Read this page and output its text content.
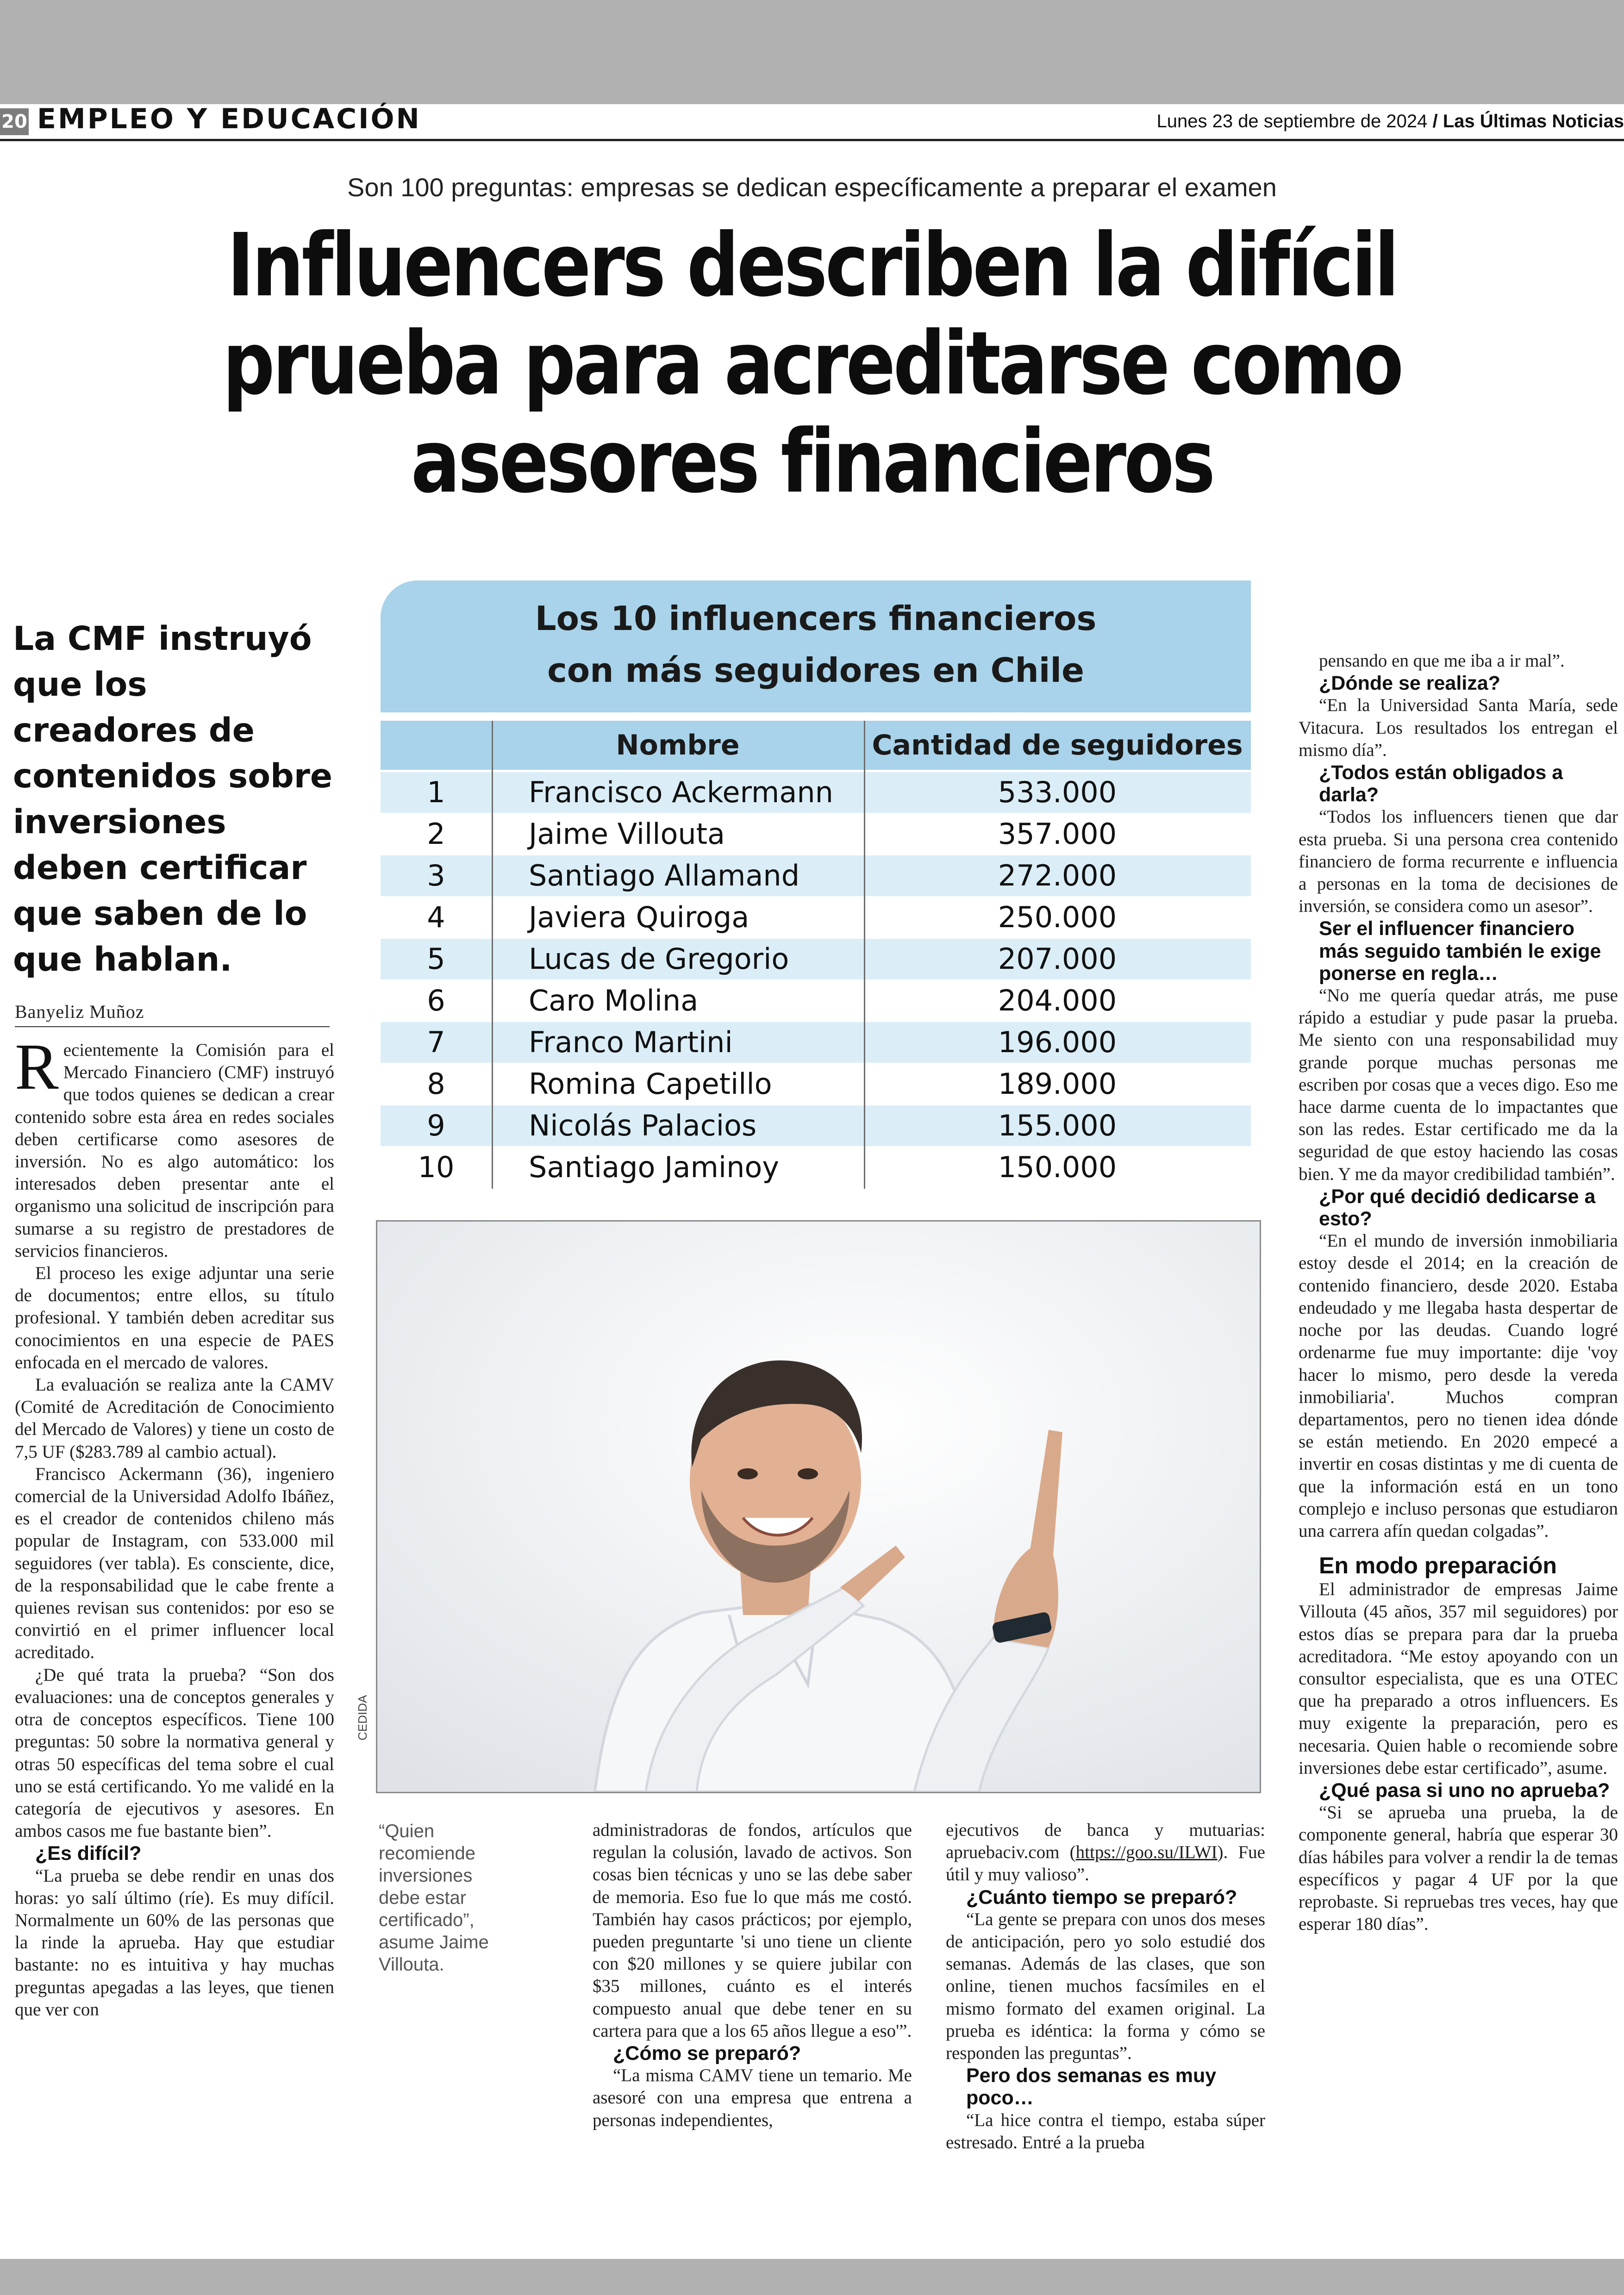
20 EMPLEO Y EDUCACIÓN	Lunes 23 de septiembre de 2024 / Las Últimas Noticias
Son 100 preguntas: empresas se dedican específicamente a preparar el examen
Influencers describen la difícil prueba para acreditarse como asesores financieros
La CMF instruyó que los creadores de contenidos sobre inversiones deben certificar que saben de lo que hablan.
Banyeliz Muñoz

Recientemente la Comisión para el Mercado Financiero (CMF) instruyó que todos quienes se dedican a crear contenido sobre esta área en redes sociales deben certificarse como asesores de inversión. No es algo automático: los interesados deben presentar ante el organismo una solicitud de inscripción para sumarse a su registro de prestadores de servicios financieros.

El proceso les exige adjuntar una serie de documentos; entre ellos, su título profesional. Y también deben acreditar sus conocimientos en una especie de PAES enfocada en el mercado de valores.

La evaluación se realiza ante la CAMV (Comité de Acreditación de Conocimiento del Mercado de Valores) y tiene un costo de 7,5 UF ($283.789 al cambio actual).

Francisco Ackermann (36), ingeniero comercial de la Universidad Adolfo Ibáñez, es el creador de contenidos chileno más popular de Instagram, con 533.000 mil seguidores (ver tabla). Es consciente, dice, de la responsabilidad que le cabe frente a quienes revisan sus contenidos: por eso se convirtió en el primer influencer local acreditado.

¿De qué trata la prueba? “Son dos evaluaciones: una de conceptos generales y otra de conceptos específicos. Tiene 100 preguntas: 50 sobre la normativa general y otras 50 específicas del tema sobre el cual uno se está certificando. Yo me validé en la categoría de ejecutivos y asesores. En ambos casos me fue bastante bien”.

¿Es difícil?

“La prueba se debe rendir en unas dos horas: yo salí último (ríe). Es muy difícil. Normalmente un 60% de las personas que la rinde la aprueba. Hay que estudiar bastante: no es intuitiva y hay muchas preguntas apegadas a las leyes, que tienen que ver con

Los 10 influencers financieros
con más seguidores en Chile
Nombre	Cantidad de seguidores
1	Francisco Ackermann	533.000
2	Jaime Villouta	357.000
3	Santiago Allamand	272.000
4	Javiera Quiroga	250.000
5	Lucas de Gregorio	207.000
6	Caro Molina	204.000
7	Franco Martini	196.000
8	Romina Capetillo	189.000
9	Nicolás Palacios	155.000
10	Santiago Jaminoy	150.000
CEDIDA
“Quien recomiende inversiones debe estar certificado”, asume Jaime Villouta.

administradoras de fondos, artículos que regulan la colusión, lavado de activos. Son cosas bien técnicas y uno se las debe saber de memoria. Eso fue lo que más me costó. También hay casos prácticos; por ejemplo, pueden preguntarte 'si uno tiene un cliente con $20 millones y se quiere jubilar con $35 millones, cuánto es el interés compuesto anual que debe tener en su cartera para que a los 65 años llegue a eso'”.

¿Cómo se preparó?

“La misma CAMV tiene un temario. Me asesoré con una empresa que entrena a personas independientes,

ejecutivos de banca y mutuarias: apruebaciv.com (https://goo.su/ILWI). Fue útil y muy valioso”.

¿Cuánto tiempo se preparó?

“La gente se prepara con unos dos meses de anticipación, pero yo solo estudié dos semanas. Además de las clases, que son online, tienen muchos facsímiles en el mismo formato del examen original. La prueba es idéntica: la forma y cómo se responden las preguntas”.

Pero dos semanas es muy poco…

“La hice contra el tiempo, estaba súper estresado. Entré a la prueba

pensando en que me iba a ir mal”.

¿Dónde se realiza?

“En la Universidad Santa María, sede Vitacura. Los resultados los entregan el mismo día”.

¿Todos están obligados a darla?

“Todos los influencers tienen que dar esta prueba. Si una persona crea contenido financiero de forma recurrente e influencia a personas en la toma de decisiones de inversión, se considera como un asesor”.

Ser el influencer financiero más seguido también le exige ponerse en regla…

“No me quería quedar atrás, me puse rápido a estudiar y pude pasar la prueba. Me siento con una responsabilidad muy grande porque muchas personas me escriben por cosas que a veces digo. Eso me hace darme cuenta de lo impactantes que son las redes. Estar certificado me da la seguridad de que estoy haciendo las cosas bien. Y me da mayor credibilidad también”.

¿Por qué decidió dedicarse a esto?

“En el mundo de inversión inmobiliaria estoy desde el 2014; en la creación de contenido financiero, desde 2020. Estaba endeudado y me llegaba hasta despertar de noche por las deudas. Cuando logré ordenarme fue muy importante: dije 'voy hacer lo mismo, pero desde la vereda inmobiliaria'. Muchos compran departamentos, pero no tienen idea dónde se están metiendo. En 2020 empecé a invertir en cosas distintas y me di cuenta de que la información está en un tono complejo e incluso personas que estudiaron una carrera afín quedan colgadas”.

En modo preparación

El administrador de empresas Jaime Villouta (45 años, 357 mil seguidores) por estos días se prepara para dar la prueba acreditadora. “Me estoy apoyando con un consultor especialista, que es una OTEC que ha preparado a otros influencers. Es muy exigente la preparación, pero es necesaria. Quien hable o recomiende sobre inversiones debe estar certificado”, asume.

¿Qué pasa si uno no aprueba?

“Si se aprueba una prueba, la de componente general, habría que esperar 30 días hábiles para volver a rendir la de temas específicos y pagar 4 UF por la que reprobaste. Si repruebas tres veces, hay que esperar 180 días”.
